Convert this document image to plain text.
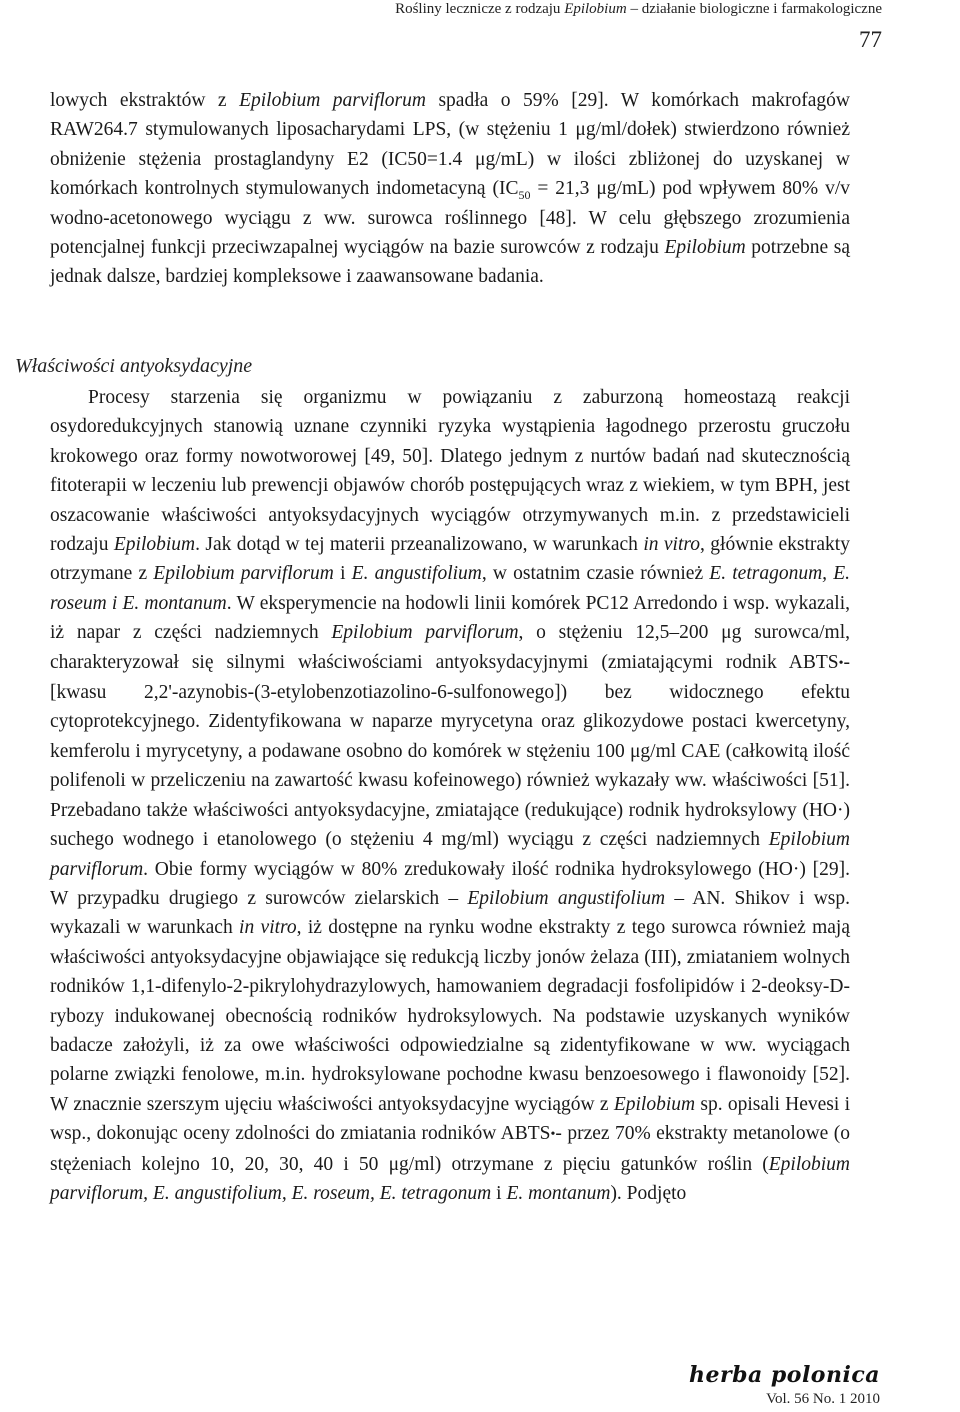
Rośliny lecznicze z rodzaju Epilobium – działanie biologiczne i farmakologiczne
77

lowych ekstraktów z Epilobium parviflorum spadła o 59% [29]. W komórkach makrofagów RAW264.7 stymulowanych liposacharydami LPS, (w stężeniu 1 μg/ml/dołek) stwierdzono również obniżenie stężenia prostaglandyny E2 (IC50=1.4 μg/mL) w ilości zbliżonej do uzyskanej w komórkach kontrolnych stymulowanych indometacyną ($IC_{50} = 21,3$ μg/mL) pod wpływem 80% v/v wodno-acetonowego wyciągu z ww. surowca roślinnego [48]. W celu głębszego zrozumienia potencjalnej funkcji przeciwzapalnej wyciągów na bazie surowców z rodzaju Epilobium potrzebne są jednak dalsze, bardziej kompleksowe i zaawansowane badania.

Właściwości antyoksydacyjne

Procesy starzenia się organizmu w powiązaniu z zaburzoną homeostazą reakcji osydoredukcyjnych stanowią uznane czynniki ryzyka wystąpienia łagodnego przerostu gruczołu krokowego oraz formy nowotworowej [49, 50]. Dlatego jednym z nurtów badań nad skutecznością fitoterapii w leczeniu lub prewencji objawów chorób postępujących wraz z wiekiem, w tym BPH, jest oszacowanie właściwości antyoksydacyjnych wyciągów otrzymywanych m.in. z przedstawicieli rodzaju Epilobium. Jak dotąd w tej materii przeanalizowano, w warunkach in vitro, głównie ekstrakty otrzymane z Epilobium parviflorum i E. angustifolium, w ostatnim czasie również E. tetragonum, E. roseum i E. montanum. W eksperymencie na hodowli linii komórek PC12 Arredondo i wsp. wykazali, iż napar z części nadziemnych Epilobium parviflorum, o stężeniu 12,5–200 μg surowca/ml, charakteryzował się silnymi właściwościami antyoksydacyjnymi (zmiatającymi rodnik ABTS•- [kwasu 2,2'-azynobis-(3-etylobenzotiazolino-6-sulfonowego]) bez widocznego efektu cytoprotekcyjnego. Zidentyfikowana w naparze myrycetyna oraz glikozydowe postaci kwercetyny, kemferolu i myrycetyny, a podawane osobno do komórek w stężeniu 100 μg/ml CAE (całkowitą ilość polifenoli w przeliczeniu na zawartość kwasu kofeinowego) również wykazały ww. właściwości [51]. Przebadano także właściwości antyoksydacyjne, zmiatające (redukujące) rodnik hydroksylowy (HO·) suchego wodnego i etanolowego (o stężeniu 4 mg/ml) wyciągu z części nadziemnych Epilobium parviflorum. Obie formy wyciągów w 80% zredukowały ilość rodnika hydroksylowego (HO·) [29]. W przypadku drugiego z surowców zielarskich – Epilobium angustifolium – AN. Shikov i wsp. wykazali w warunkach in vitro, iż dostępne na rynku wodne ekstrakty z tego surowca również mają właściwości antyoksydacyjne objawiające się redukcją liczby jonów żelaza (III), zmiataniem wolnych rodników 1,1-difenylo-2-pikrylohydrazylowych, hamowaniem degradacji fosfolipidów i 2-deoksy-D-rybozy indukowanej obecnością rodników hydroksylowych. Na podstawie uzyskanych wyników badacze założyli, iż za owe właściwości odpowiedzialne są zidentyfikowane w ww. wyciągach polarne związki fenolowe, m.in. hydroksylowane pochodne kwasu benzoesowego i flawonoidy [52]. W znacznie szerszym ujęciu właściwości antyoksydacyjne wyciągów z Epilobium sp. opisali Hevesi i wsp., dokonując oceny zdolności do zmiatania rodników ABTS•- przez 70% ekstrakty metanolowe (o stężeniach kolejno 10, 20, 30, 40 i 50 μg/ml) otrzymane z pięciu gatunków roślin (Epilobium parviflorum, E. angustifolium, E. roseum, E. tetragonum i E. montanum). Podjęto

herba polonica
Vol. 56 No. 1 2010
